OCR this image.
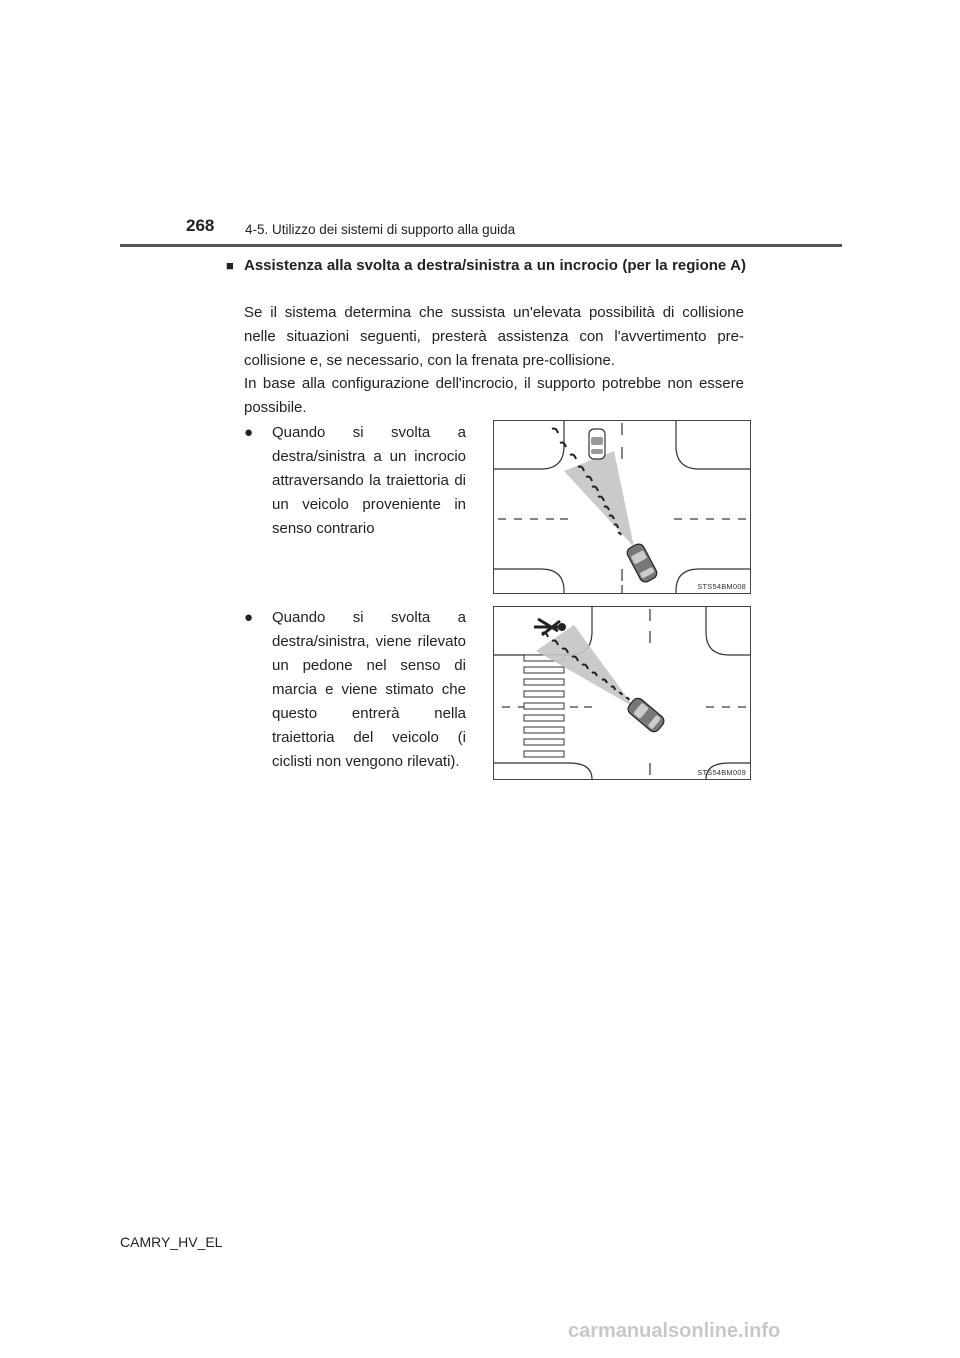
268 4-5. Utilizzo dei sistemi di supporto alla guida
■ Assistenza alla svolta a destra/sinistra a un incrocio (per la regione A)

Se il sistema determina che sussista un'elevata possibilità di collisione nelle situazioni seguenti, presterà assistenza con l'avvertimento pre-collisione e, se necessario, con la frenata pre-collisione.

In base alla configurazione dell'incrocio, il supporto potrebbe non essere possibile.

●	Quando si svolta a destra/sinistra a un incrocio attraversando la traiettoria di un veicolo proveniente in senso contrario
●	Quando si svolta a destra/sinistra, viene rilevato un pedone nel senso di marcia e viene stimato che questo entrerà nella traiettoria del veicolo (i ciclisti non vengono rilevati).
STS54BM008
STS54BM009
CAMRY_HV_EL
carmanualsonline.info
